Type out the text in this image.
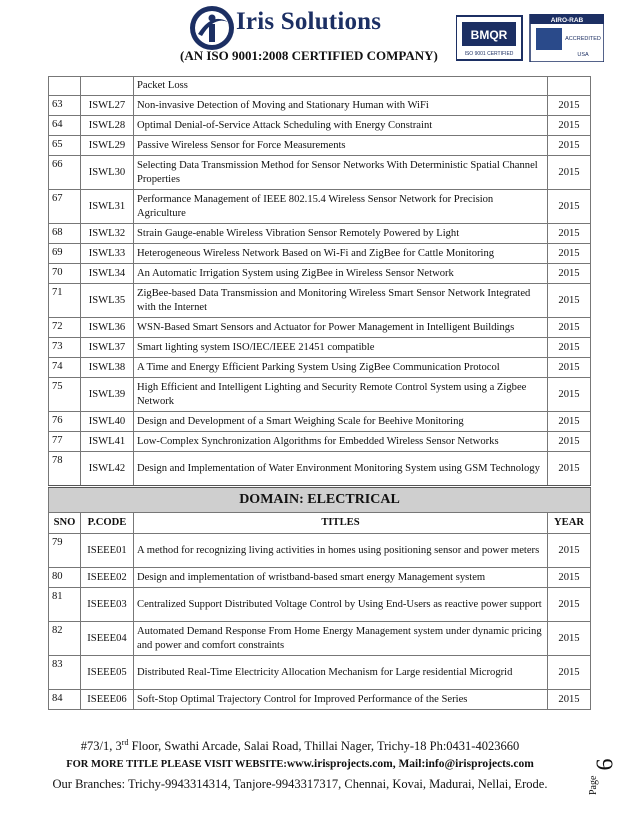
Iris Solutions
(AN ISO 9001:2008 CERTIFIED COMPANY)
BMQR
ISO 9001 CERTIFIED
AIRO-RAB
ACCREDITED
USA
		Packet Loss	
63	ISWL27	Non-invasive Detection of Moving and Stationary Human with WiFi	2015
64	ISWL28	Optimal Denial-of-Service Attack Scheduling with Energy Constraint	2015
65	ISWL29	Passive Wireless Sensor for Force Measurements	2015
66	ISWL30	Selecting Data Transmission Method for Sensor Networks With Deterministic Spatial Channel Properties	2015
67	ISWL31	Performance Management of IEEE 802.15.4 Wireless Sensor Network for Precision Agriculture	2015
68	ISWL32	Strain Gauge-enable Wireless Vibration Sensor Remotely Powered by Light	2015
69	ISWL33	Heterogeneous Wireless Network Based on Wi-Fi and ZigBee for Cattle Monitoring	2015
70	ISWL34	An Automatic Irrigation System using ZigBee in Wireless Sensor Network	2015
71	ISWL35	ZigBee-based Data Transmission and Monitoring Wireless Smart Sensor Network Integrated with the Internet	2015
72	ISWL36	WSN-Based Smart Sensors and Actuator for Power Management in Intelligent Buildings	2015
73	ISWL37	Smart lighting system ISO/IEC/IEEE 21451 compatible	2015
74	ISWL38	A Time and Energy Efficient Parking System Using ZigBee Communication Protocol	2015
75	ISWL39	High Efficient and Intelligent Lighting and Security Remote Control System using a Zigbee Network	2015
76	ISWL40	Design and Development of a Smart Weighing Scale for Beehive Monitoring	2015
77	ISWL41	Low-Complex Synchronization Algorithms for Embedded Wireless Sensor Networks	2015
78	ISWL42	Design and Implementation of Water Environment Monitoring System using GSM Technology	2015
DOMAIN: ELECTRICAL			
SNO	P.CODE	TITLES	YEAR
79	ISEEE01	A method for recognizing living activities in homes using positioning sensor and power meters	2015
80	ISEEE02	Design and implementation of wristband-based smart energy Management system	2015
81	ISEEE03	Centralized Support Distributed Voltage Control by Using End-Users as reactive power support	2015
82	ISEEE04	Automated Demand Response From Home Energy Management system under dynamic pricing and power and comfort constraints	2015
83	ISEEE05	Distributed Real-Time Electricity Allocation Mechanism for Large residential Microgrid	2015
84	ISEEE06	Soft-Stop Optimal Trajectory Control for Improved Performance of the Series	2015
#73/1, 3rd Floor, Swathi Arcade, Salai Road, Thillai Nager, Trichy-18 Ph:0431-4023660
FOR MORE TITLE PLEASE VISIT WEBSITE:www.irisprojects.com, Mail:info@irisprojects.com
Our Branches: Trichy-9943314314, Tanjore-9943317317, Chennai, Kovai, Madurai, Nellai, Erode.	Page
6
